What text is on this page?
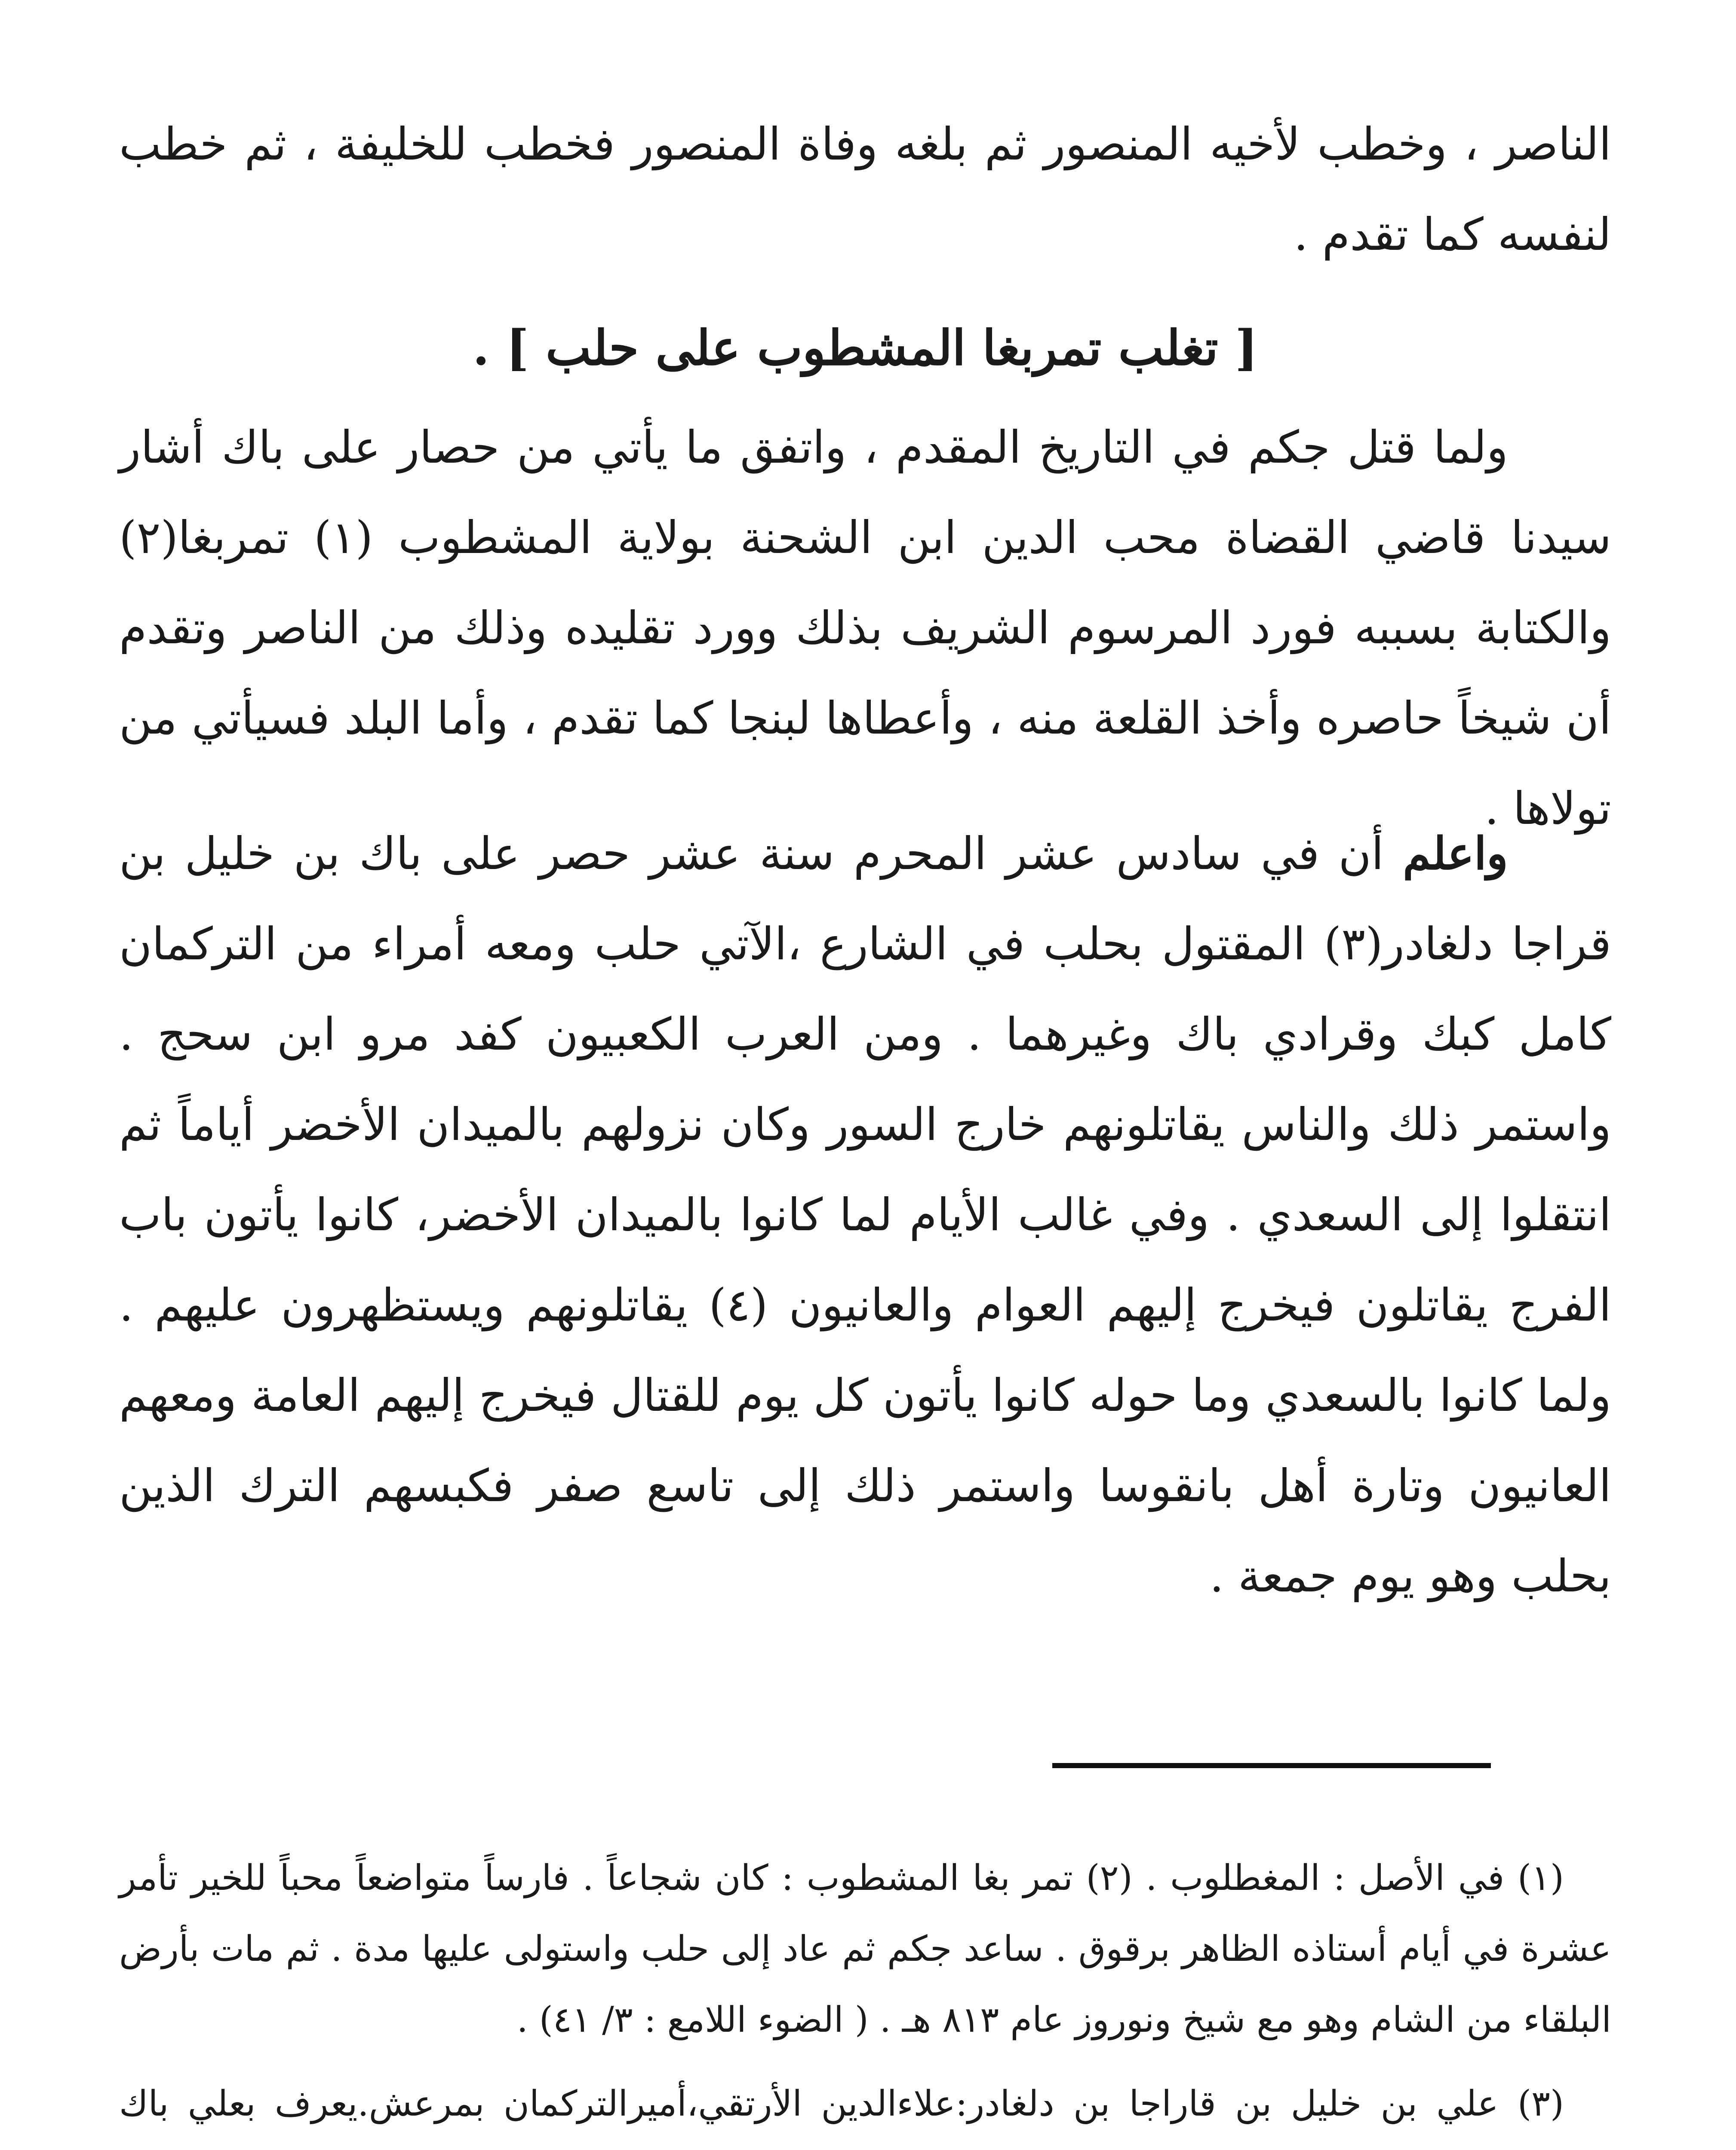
الناصر ، وخطب لأخيه المنصور ثم بلغه وفاة المنصور فخطب للخليفة ، ثم خطب لنفسه كما تقدم .

[ تغلب تمربغا المشطوب على حلب ] .

ولما قتل جكم في التاريخ المقدم ، واتفق ما يأتي من حصار على باك أشار سيدنا قاضي القضاة محب الدين ابن الشحنة بولاية المشطوب (١) تمربغا(٢) والكتابة بسببه فورد المرسوم الشريف بذلك وورد تقليده وذلك من الناصر وتقدم أن شيخاً حاصره وأخذ القلعة منه ، وأعطاها لبنجا كما تقدم ، وأما البلد فسيأتي من تولاها .

واعلم أن في سادس عشر المحرم سنة عشر حصر على باك بن خليل بن قراجا دلغادر(٣) المقتول بحلب في الشارع ،الآتي حلب ومعه أمراء من التركمان كامل كبك وقرادي باك وغيرهما . ومن العرب الكعبيون كفد مرو ابن سحج . واستمر ذلك والناس يقاتلونهم خارج السور وكان نزولهم بالميدان الأخضر أياماً ثم انتقلوا إلى السعدي . وفي غالب الأيام لما كانوا بالميدان الأخضر، كانوا يأتون باب الفرج يقاتلون فيخرج إليهم العوام والعانيون (٤) يقاتلونهم ويستظهرون عليهم . ولما كانوا بالسعدي وما حوله كانوا يأتون كل يوم للقتال فيخرج إليهم العامة ومعهم العانيون وتارة أهل بانقوسا واستمر ذلك إلى تاسع صفر فكبسهم الترك الذين بحلب وهو يوم جمعة .

(١) في الأصل : المغطلوب . (٢) تمر بغا المشطوب : كان شجاعاً . فارساً متواضعاً محباً للخير تأمر عشرة في أيام أستاذه الظاهر برقوق . ساعد جكم ثم عاد إلى حلب واستولى عليها مدة . ثم مات بأرض البلقاء من الشام وهو مع شيخ ونوروز عام ٨١٣ هـ . ( الضوء اللامع : ٣/ ٤١) .

(٣) علي بن خليل بن قاراجا بن دلغادر:علاءالدين الأرتقي،أميرالتركمان بمرعش.يعرف بعلي باك
